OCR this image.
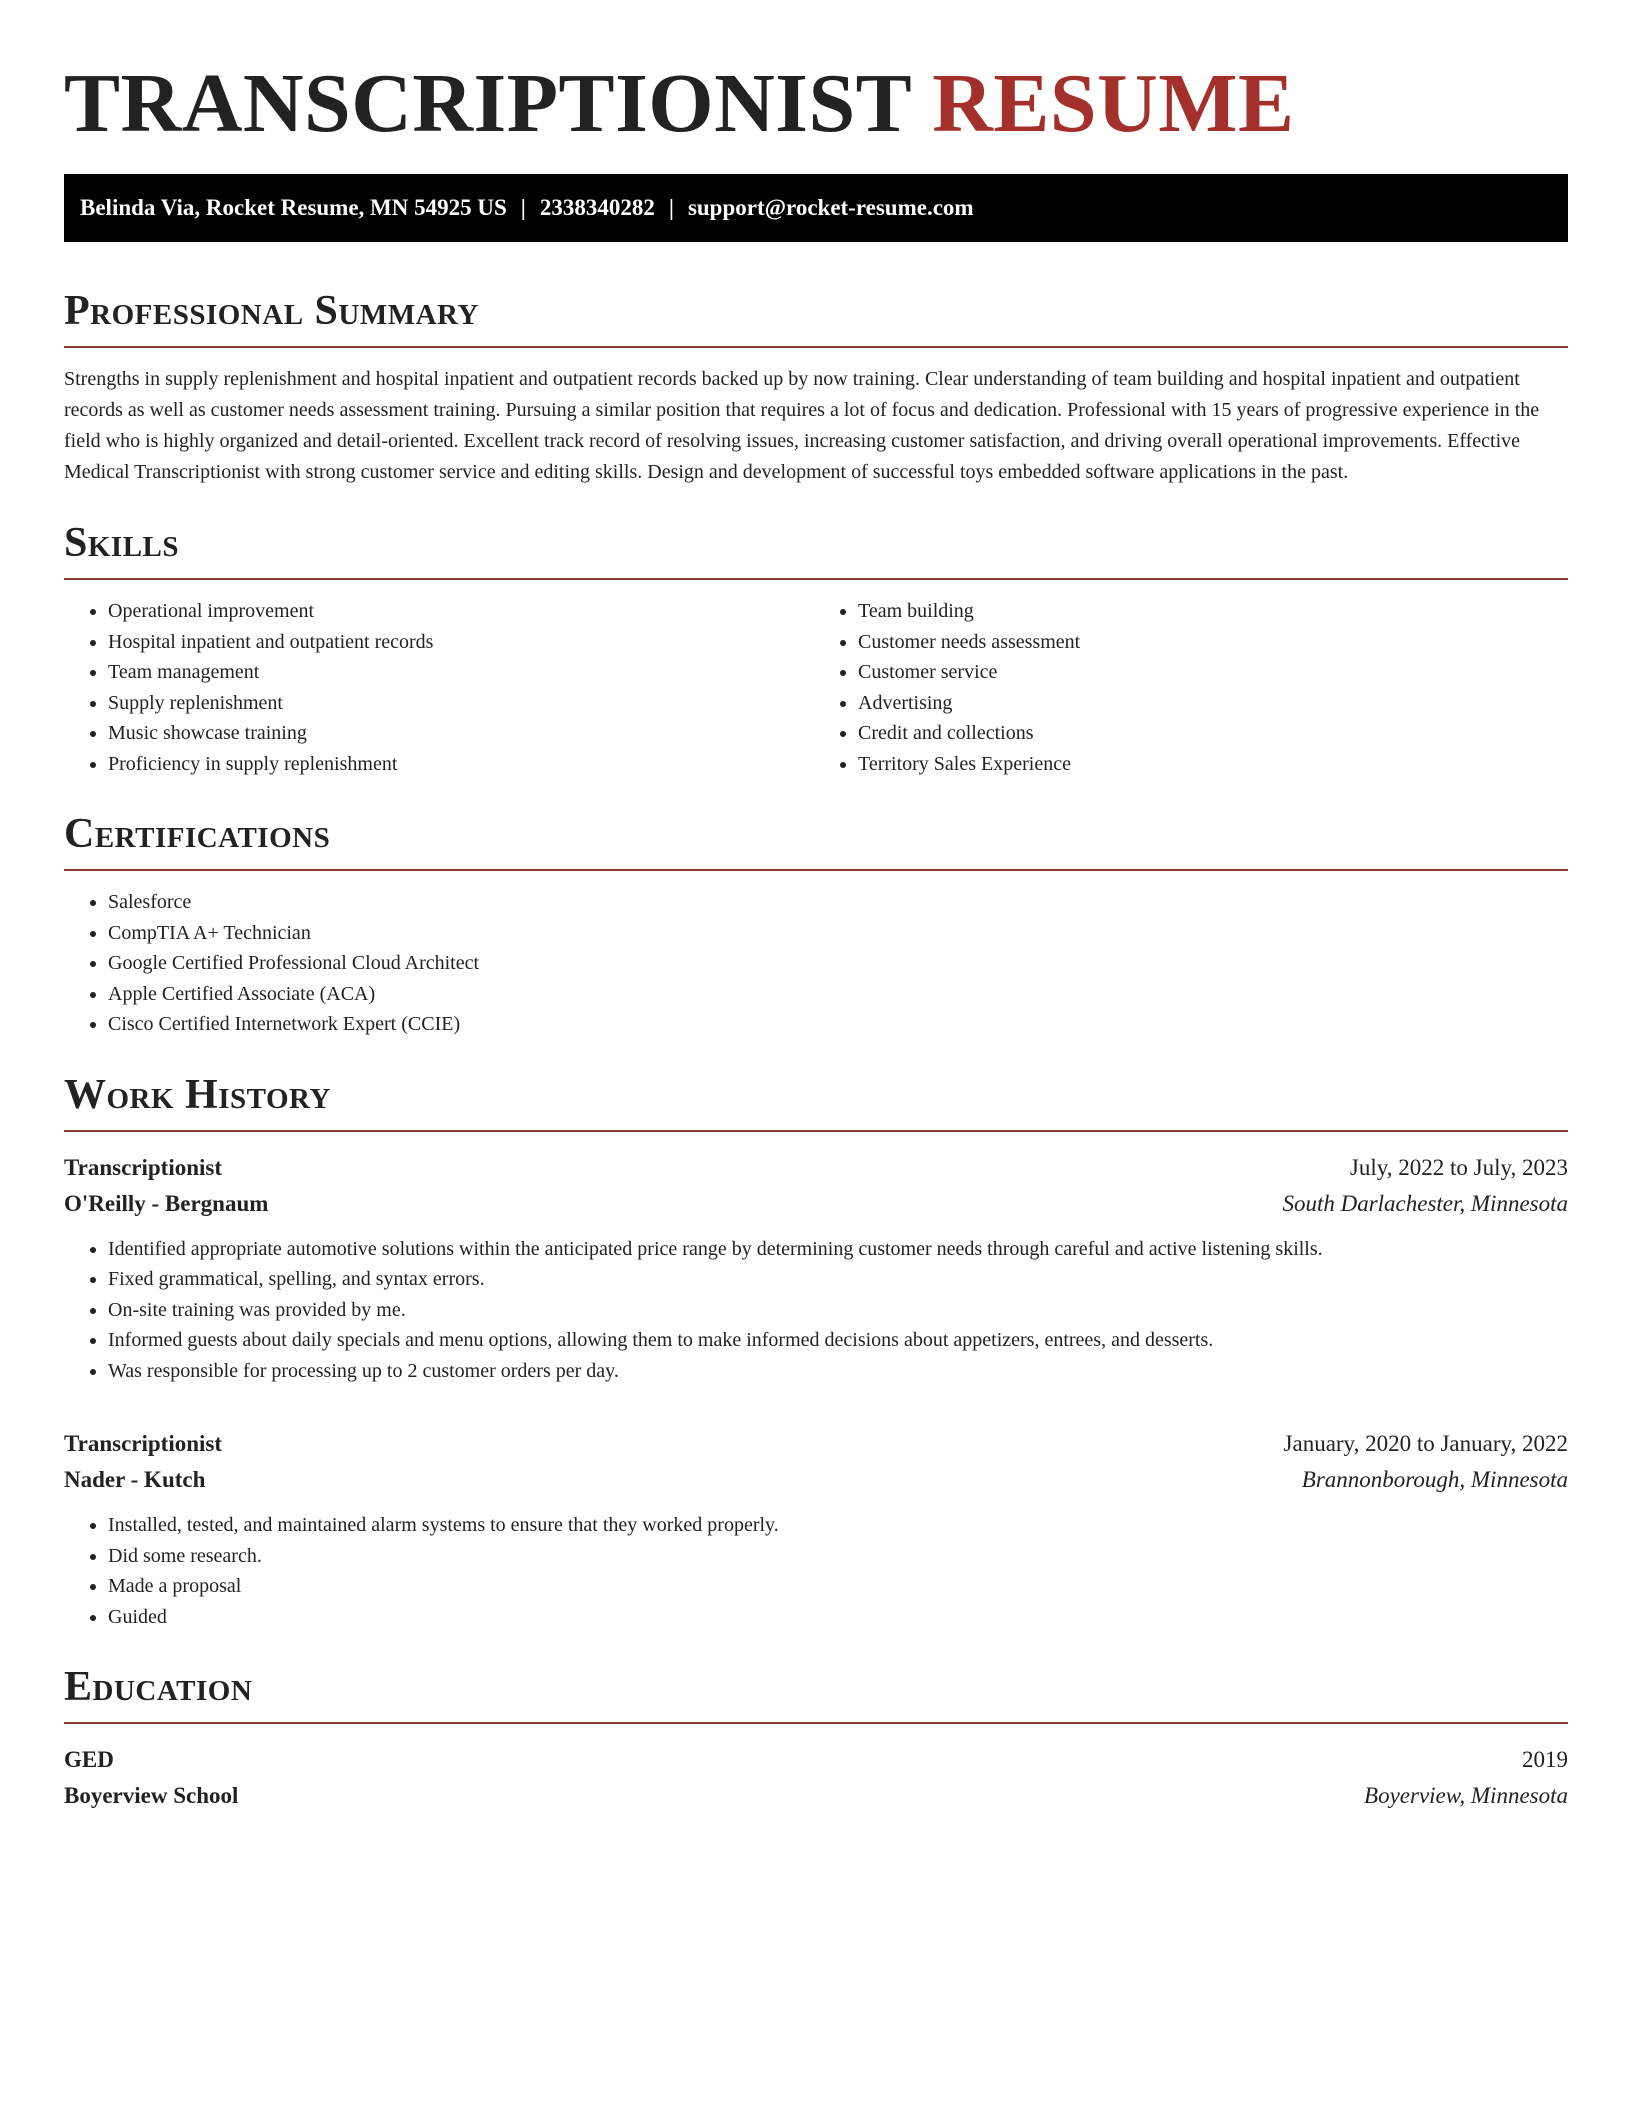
TRANSCRIPTIONIST RESUME
Belinda Via, Rocket Resume, MN 54925 US | 2338340282 | support@rocket-resume.com
Professional Summary

Strengths in supply replenishment and hospital inpatient and outpatient records backed up by now training. Clear understanding of team building and hospital inpatient and outpatient records as well as customer needs assessment training. Pursuing a similar position that requires a lot of focus and dedication. Professional with 15 years of progressive experience in the field who is highly organized and detail-oriented. Excellent track record of resolving issues, increasing customer satisfaction, and driving overall operational improvements. Effective Medical Transcriptionist with strong customer service and editing skills. Design and development of successful toys embedded software applications in the past.

Skills
• Operational improvement
• Hospital inpatient and outpatient records
• Team management
• Supply replenishment
• Music showcase training
• Proficiency in supply replenishment
• Team building
• Customer needs assessment
• Customer service
• Advertising
• Credit and collections
• Territory Sales Experience
Certifications
• Salesforce
• CompTIA A+ Technician
• Google Certified Professional Cloud Architect
• Apple Certified Associate (ACA)
• Cisco Certified Internetwork Expert (CCIE)
Work History
Transcriptionist	July, 2022 to July, 2023
O'Reilly - Bergnaum	South Darlachester, Minnesota
• Identified appropriate automotive solutions within the anticipated price range by determining customer needs through careful and active listening skills.
• Fixed grammatical, spelling, and syntax errors.
• On-site training was provided by me.
• Informed guests about daily specials and menu options, allowing them to make informed decisions about appetizers, entrees, and desserts.
• Was responsible for processing up to 2 customer orders per day.
Transcriptionist	January, 2020 to January, 2022
Nader - Kutch	Brannonborough, Minnesota
• Installed, tested, and maintained alarm systems to ensure that they worked properly.
• Did some research.
• Made a proposal
• Guided
Education
GED	2019
Boyerview School	Boyerview, Minnesota
